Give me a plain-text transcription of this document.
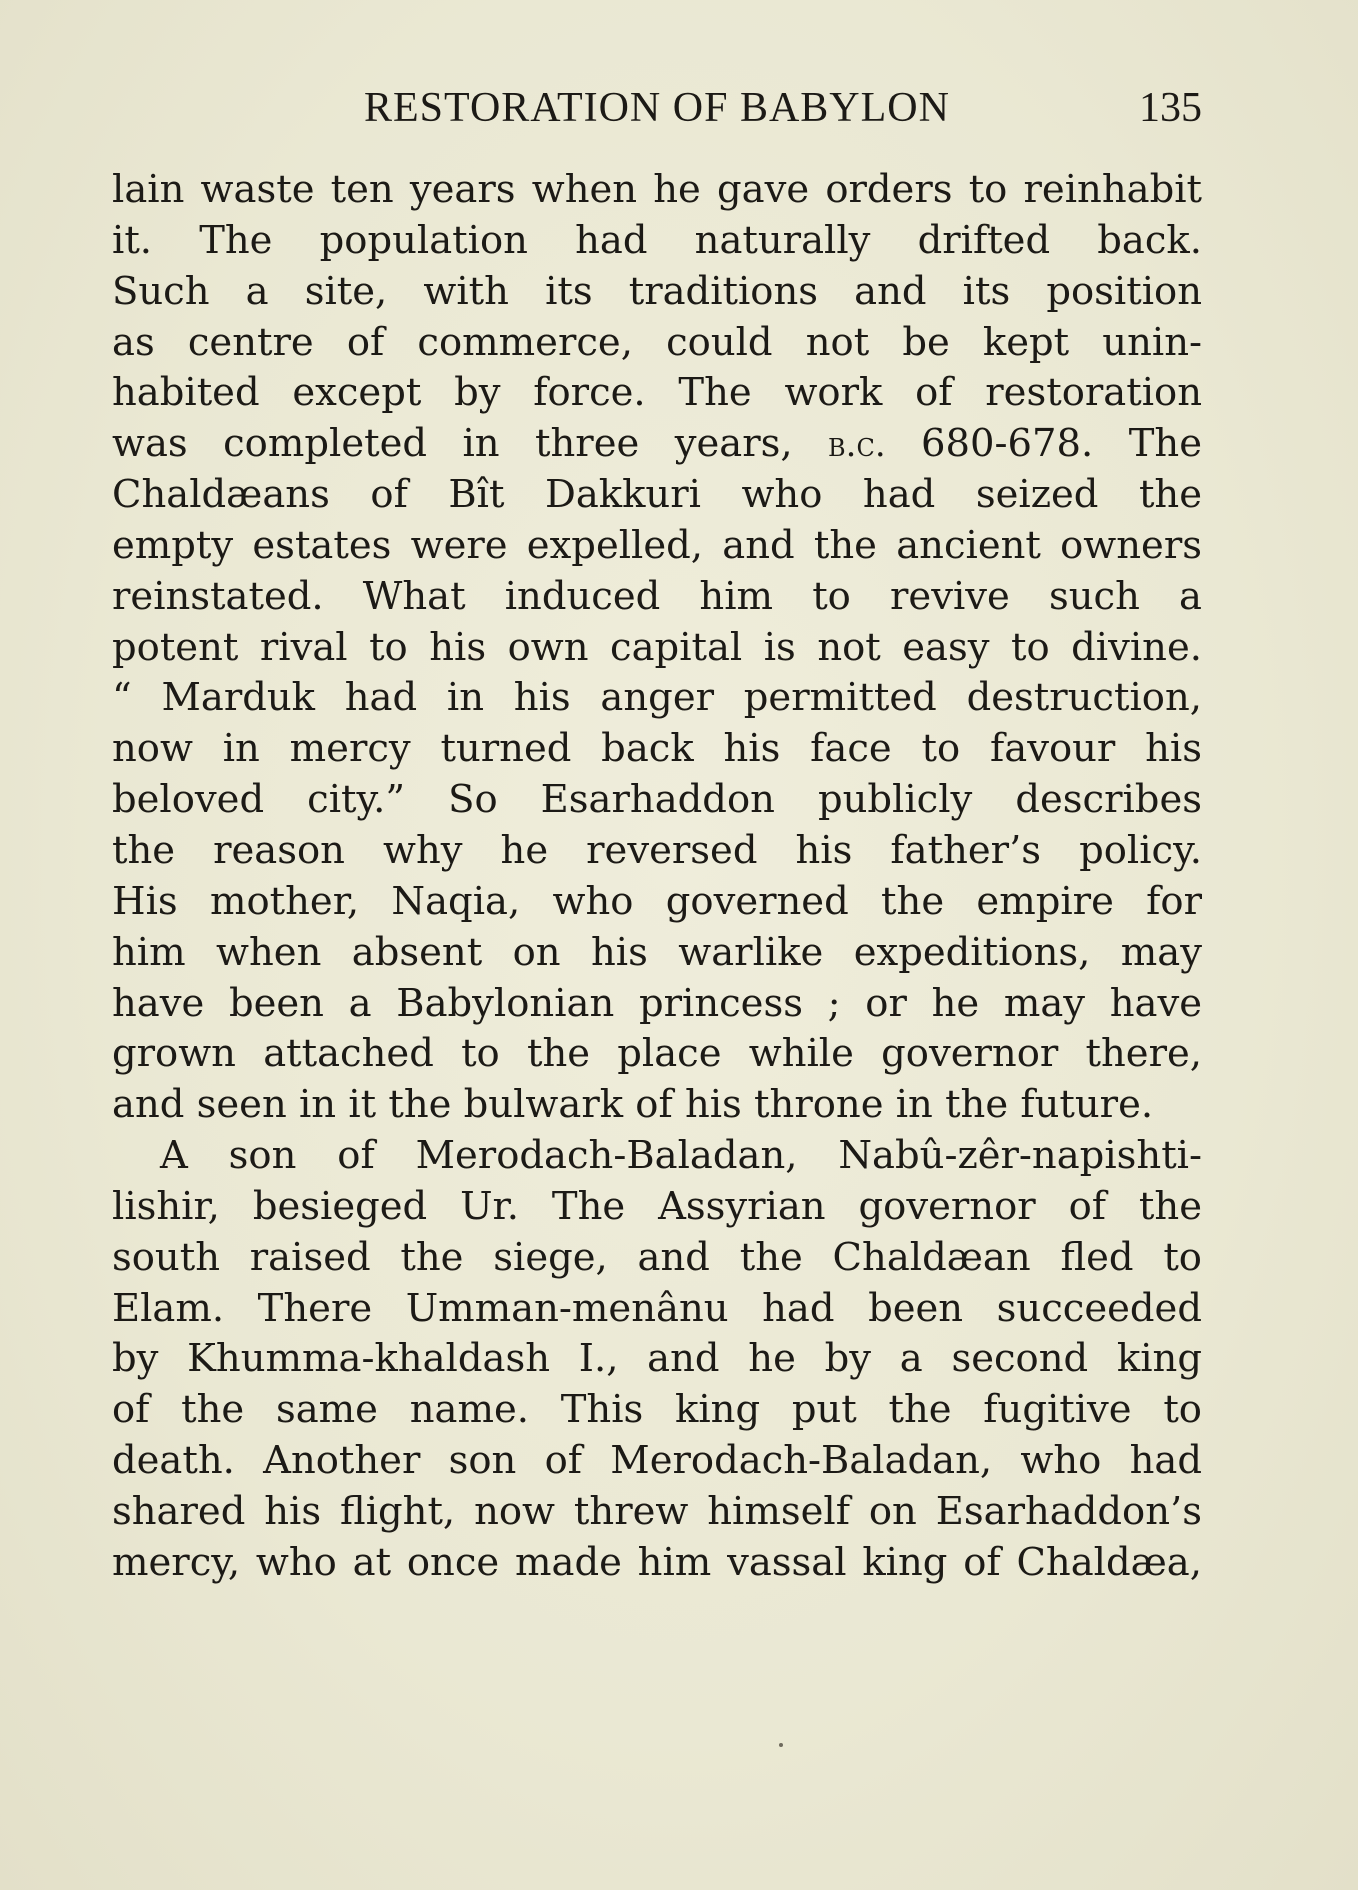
RESTORATION OF BABYLON	135
lain waste ten years when he gave orders to reinhabit
it. The population had naturally drifted back.
Such a site, with its traditions and its position
as centre of commerce, could not be kept unin-
habited except by force. The work of restoration
was completed in three years, b.c. 680-678. The
Chaldæans of Bît Dakkuri who had seized the
empty estates were expelled, and the ancient owners
reinstated. What induced him to revive such a
potent rival to his own capital is not easy to divine.
“ Marduk had in his anger permitted destruction,
now in mercy turned back his face to favour his
beloved city.” So Esarhaddon publicly describes
the reason why he reversed his father’s policy.
His mother, Naqia, who governed the empire for
him when absent on his warlike expeditions, may
have been a Babylonian princess ; or he may have
grown attached to the place while governor there,
and seen in it the bulwark of his throne in the future.
A son of Merodach-Baladan, Nabû-zêr-napishti-
lishir, besieged Ur. The Assyrian governor of the
south raised the siege, and the Chaldæan fled to
Elam. There Umman-menânu had been succeeded
by Khumma-khaldash I., and he by a second king
of the same name. This king put the fugitive to
death. Another son of Merodach-Baladan, who had
shared his flight, now threw himself on Esarhaddon’s
mercy, who at once made him vassal king of Chaldæa,
